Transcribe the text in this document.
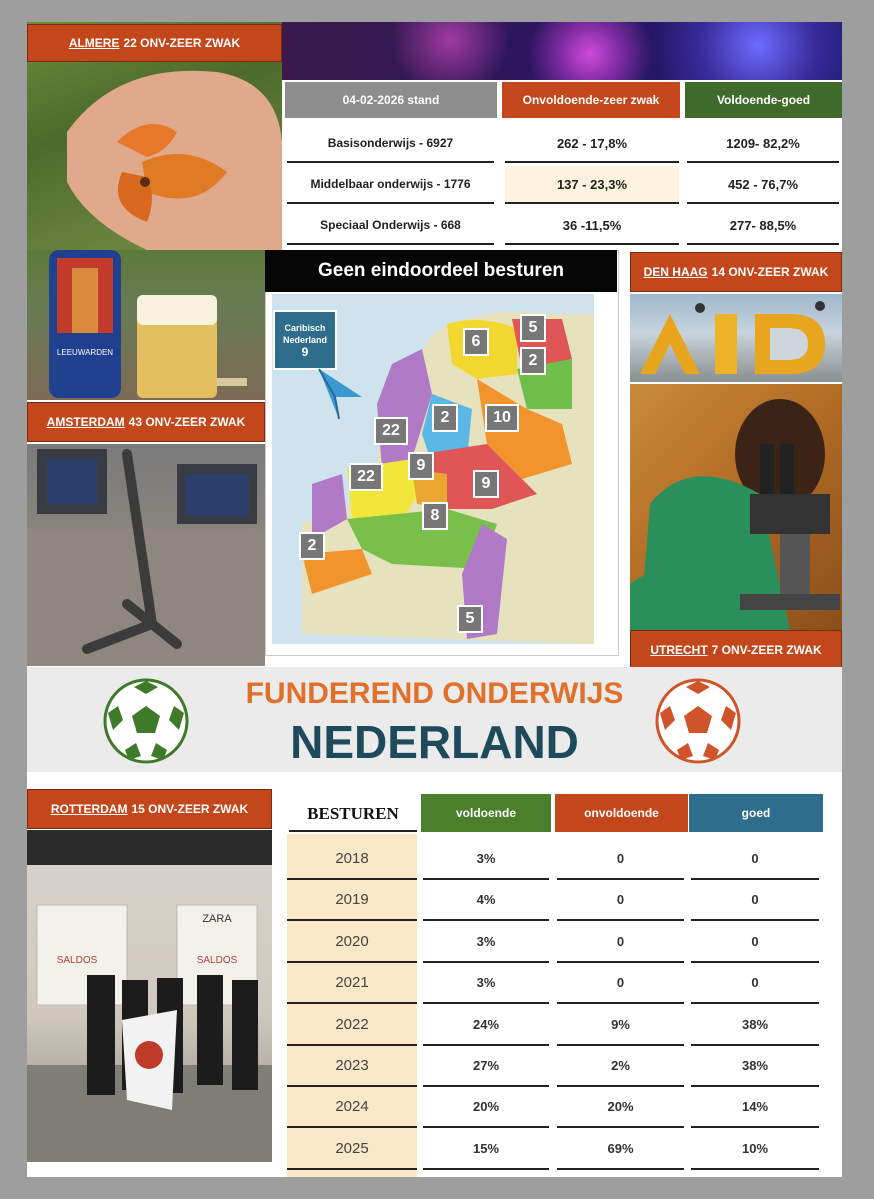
ALMERE 22 ONV-ZEER ZWAK
04-02-2026 stand	Onvoldoende-zeer zwak	Voldoende-goed
Basisonderwijs - 6927	262 - 17,8%	1209- 82,2%
Middelbaar onderwijs - 1776	137 - 23,3%	452 - 76,7%
Speciaal Onderwijs - 668	36 -11,5%	277- 88,5%
LEEUWARDEN
AMSTERDAM 43 ONV-ZEER ZWAK
Geen eindoordeel besturen
Caribisch
Nederland
9
6
5
2
2	10
22
22
9
9
8
2
5
DEN HAAG 14 ONV-ZEER ZWAK
UTRECHT 7 ONV-ZEER ZWAK
FUNDEREND ONDERWIJS
NEDERLAND
ROTTERDAM 15 ONV-ZEER ZWAK
ZARA
SALDOS	SALDOS
BESTUREN	voldoende	onvoldoende	goed
2018	3%	0	0
2019	4%	0	0
2020	3%	0	0
2021	3%	0	0
2022	24%	9%	38%
2023	27%	2%	38%
2024	20%	20%	14%
2025	15%	69%	10%
